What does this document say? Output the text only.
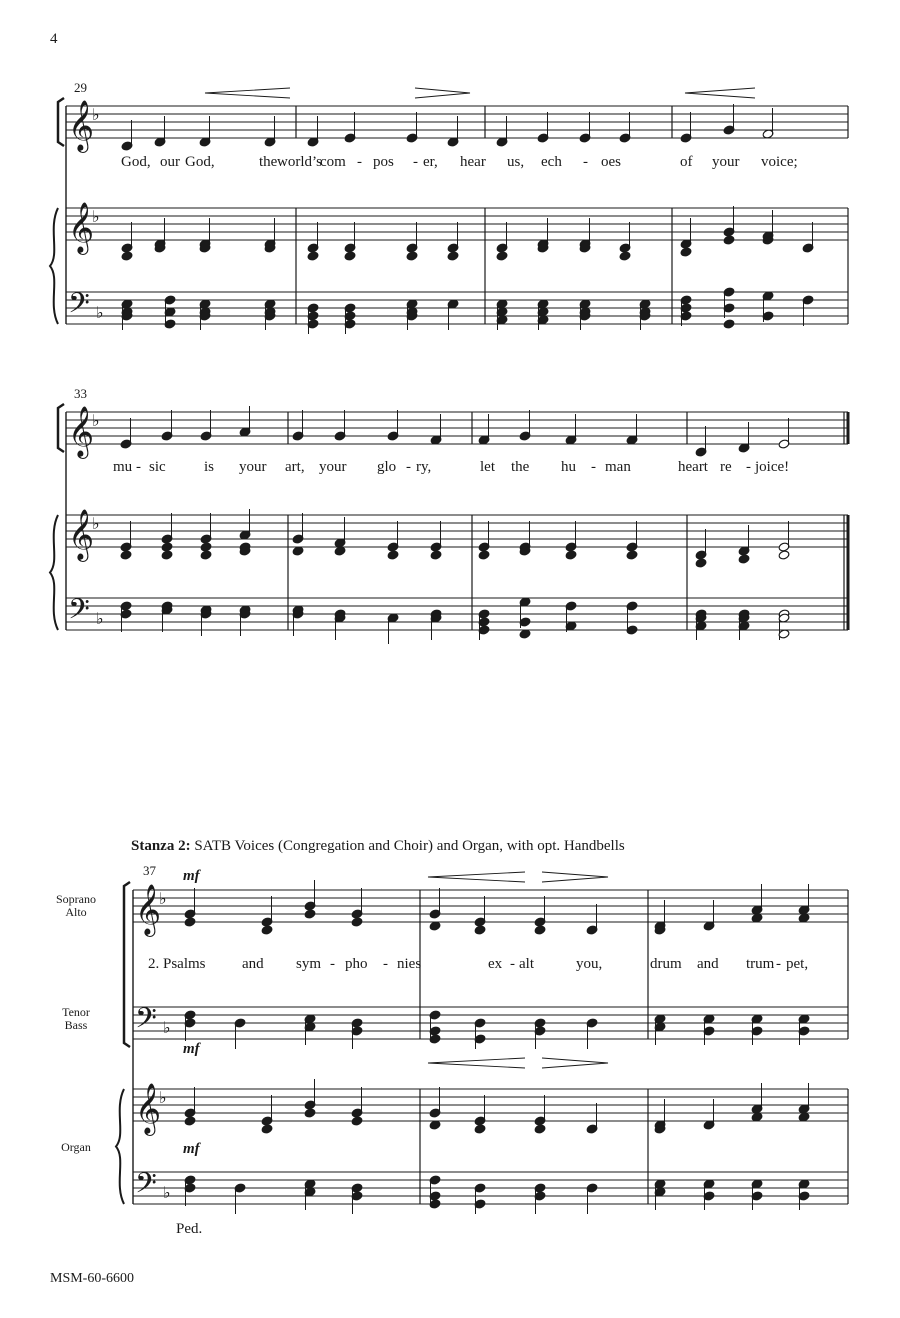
4
MSM-60-6600
29
God, our God,	the world’s
com - pos - er, hear us, ech - oes	of your voice;
33
mu - sic	is your art, your glo - ry,	let the hu - man	heart re - joice!
Stanza 2: SATB Voices (Congregation and Choir) and Organ, with opt. Handbells
37
2. Psalms and sym - pho - nies	ex - alt	you,	drum and trum - pet,
Soprano
Alto
Tenor
Bass
Organ
mf
mf
mf
Ped.
𝄞
♭
𝄞
♭
𝄢 ♭
𝄞
♭
𝄞
♭
𝄢 ♭
𝄞
♭
𝄢 ♭
𝄞
♭
𝄢 ♭
